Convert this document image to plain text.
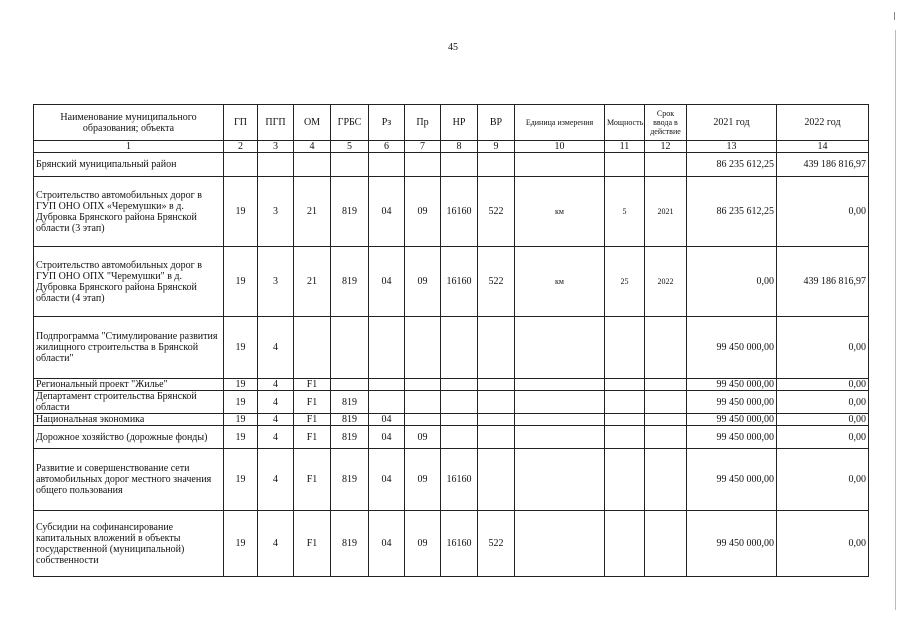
45
Наименование муниципального образования; объекта	ГП	ПГП	ОМ	ГРБС	Рз	Пр	НР	ВР	Единица измерения	Мощность	Срок ввода в действие	2021 год	2022 год
1	2	3	4	5	6	7	8	9	10	11	12	13	14
Брянский муниципальный район												86 235 612,25	439 186 816,97
Строительство автомобильных дорог в ГУП ОНО ОПХ «Черемушки» в д. Дубровка Брянского района Брянской области (3 этап)	19	3	21	819	04	09	16160	522	км	5	2021	86 235 612,25	0,00
Строительство автомобильных дорог в ГУП ОНО ОПХ "Черемушки" в д. Дубровка Брянского района Брянской области (4 этап)	19	3	21	819	04	09	16160	522	км	25	2022	0,00	439 186 816,97
Подпрограмма "Стимулирование развития жилищного строительства в Брянской области"	19	4										99 450 000,00	0,00
Региональный проект "Жилье"	19	4	F1									99 450 000,00	0,00
Департамент строительства Брянской области	19	4	F1	819								99 450 000,00	0,00
Национальная экономика	19	4	F1	819	04							99 450 000,00	0,00
Дорожное хозяйство (дорожные фонды)	19	4	F1	819	04	09						99 450 000,00	0,00
Развитие и совершенствование сети автомобильных дорог местного значения общего пользования	19	4	F1	819	04	09	16160					99 450 000,00	0,00
Субсидии на софинансирование капитальных вложений в объекты государственной (муниципальной) собственности	19	4	F1	819	04	09	16160	522				99 450 000,00	0,00
